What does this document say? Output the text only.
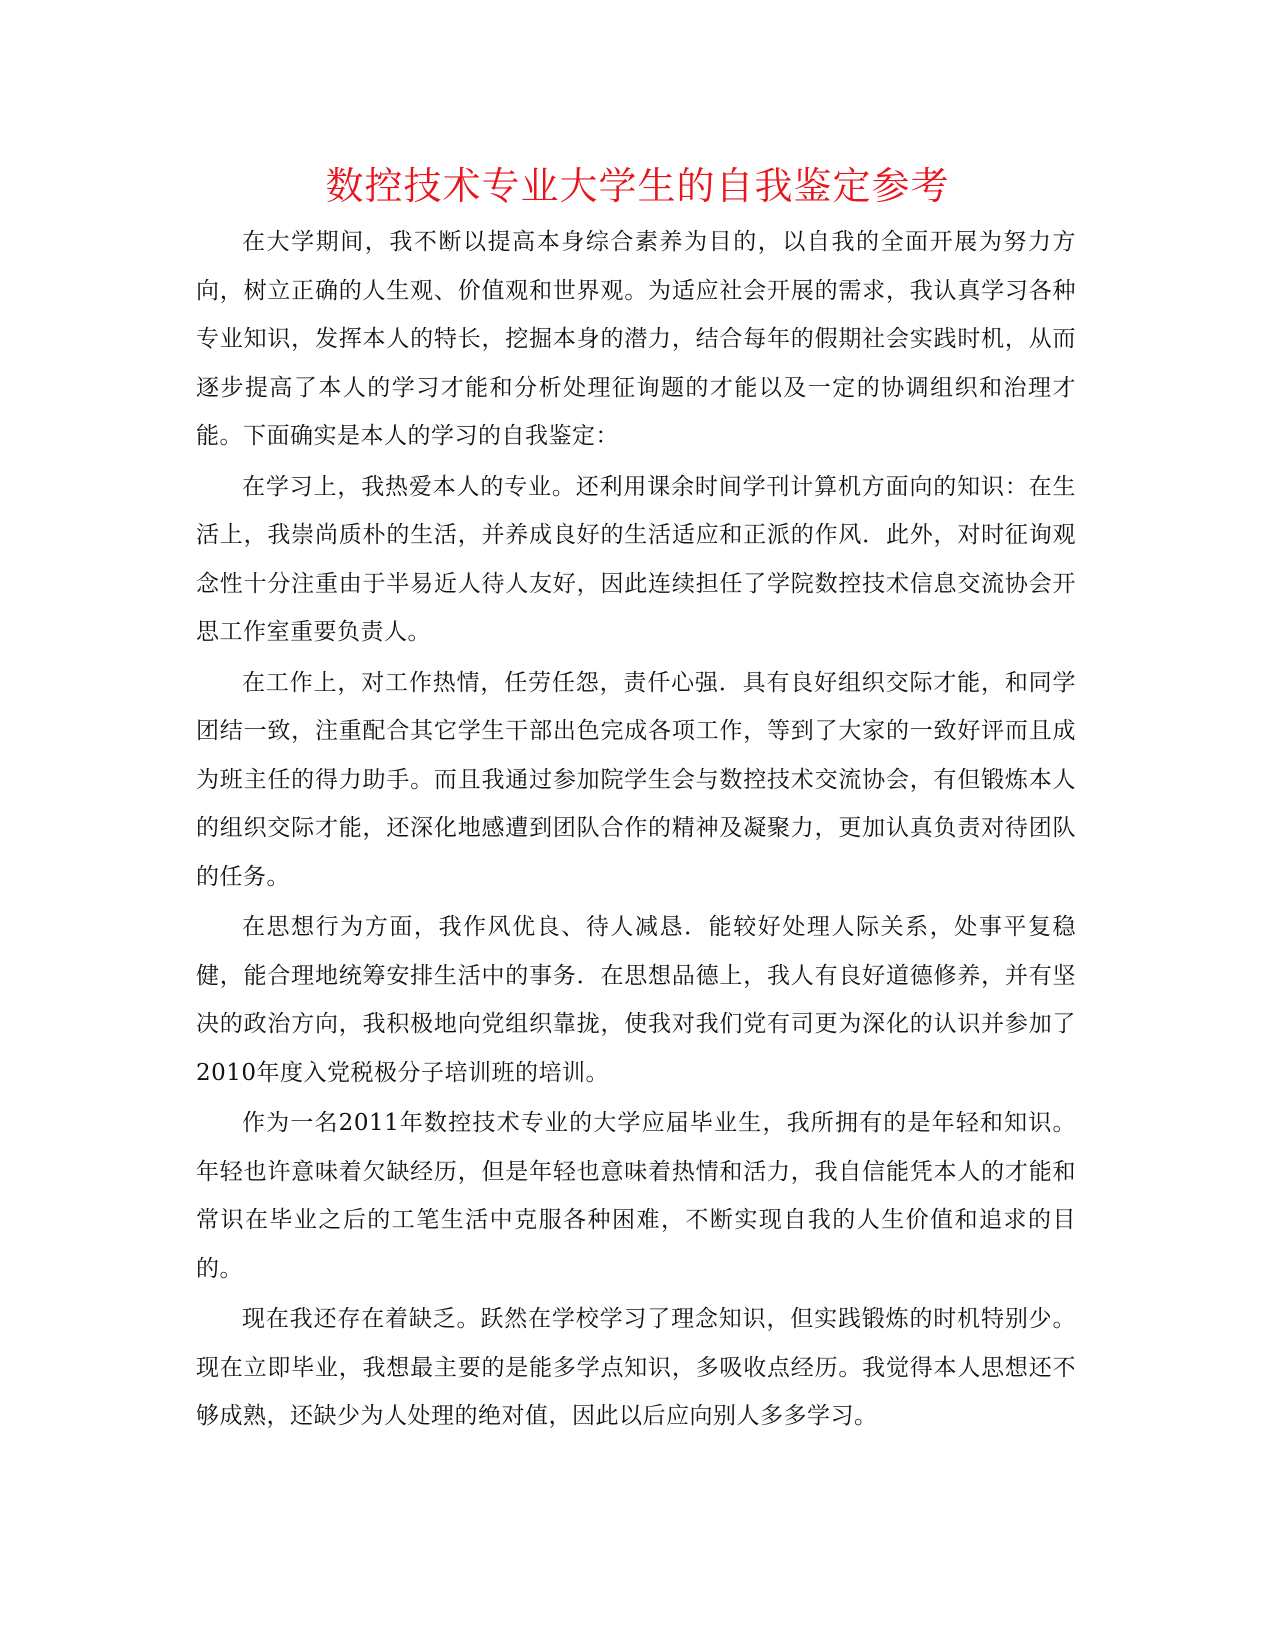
数控技术专业大学生的自我鉴定参考

在大学期间，我不断以提高本身综合素养为目的，以自我的全面开展为努力方向，树立正确的人生观、价值观和世界观。为适应社会开展的需求，我认真学习各种专业知识，发挥本人的特长，挖掘本身的潜力，结合每年的假期社会实践时机，从而逐步提高了本人的学习才能和分析处理征询题的才能以及一定的协调组织和治理才能。下面确实是本人的学习的自我鉴定：

在学习上，我热爱本人的专业。还利用课余时间学刊计算机方面向的知识：在生活上，我崇尚质朴的生活，并养成良好的生活适应和正派的作风．此外，对时征询观念性十分注重由于半易近人待人友好，因此连续担任了学院数控技术信息交流协会开思工作室重要负责人。

在工作上，对工作热情，任劳任怨，责仟心强．具有良好组织交际才能，和同学团结一致，注重配合其它学生干部出色完成各项工作，等到了大家的一致好评而且成为班主任的得力助手。而且我通过参加院学生会与数控技术交流协会，有但锻炼本人的组织交际才能，还深化地感遭到团队合作的精神及凝聚力，更加认真负责对待团队的任务。

在思想行为方面，我作风优良、待人减恳．能较好处理人际关系，处事平复稳健，能合理地统筹安排生活中的事务．在思想品德上，我人有良好道德修养，并有坚决的政治方向，我积极地向党组织靠拢，使我对我们党有司更为深化的认识并参加了2010年度入党税极分子培训班的培训。

作为一名2011年数控技术专业的大学应届毕业生，我所拥有的是年轻和知识。年轻也许意味着欠缺经历，但是年轻也意味着热情和活力，我自信能凭本人的才能和常识在毕业之后的工笔生活中克服各种困难，不断实现自我的人生价值和追求的目的。

现在我还存在着缺乏。跃然在学校学习了理念知识，但实践锻炼的时机特别少。现在立即毕业，我想最主要的是能多学点知识，多吸收点经历。我觉得本人思想还不够成熟，还缺少为人处理的绝对值，因此以后应向别人多多学习。
